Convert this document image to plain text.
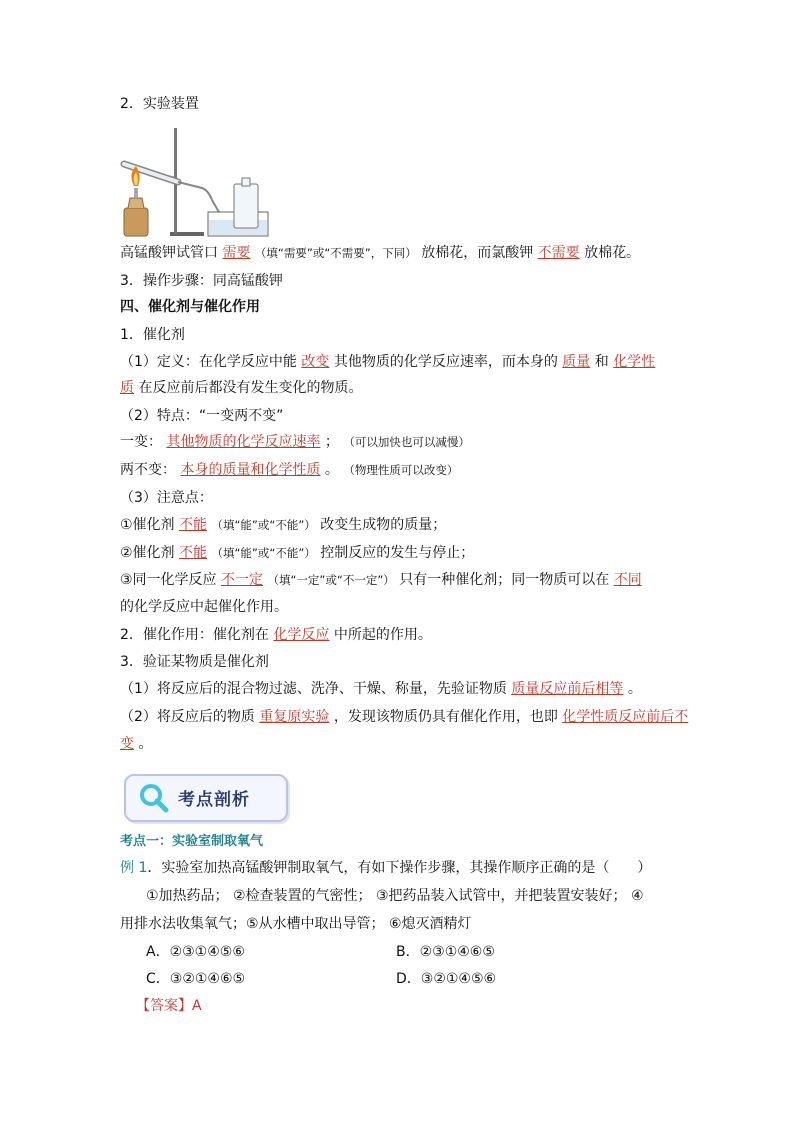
2．实验装置
高锰酸钾试管口 需要 （填“需要”或“不需要”，下同） 放棉花，而氯酸钾 不需要 放棉花。
3．操作步骤：同高锰酸钾
四、催化剂与催化作用
1．催化剂
（1）定义：在化学反应中能 改变 其他物质的化学反应速率，而本身的 质量 和 化学性
质 在反应前后都没有发生变化的物质。
（2）特点：“一变两不变”
一变： 其他物质的化学反应速率 ； （可以加快也可以减慢）
两不变： 本身的质量和化学性质 。 （物理性质可以改变）
（3）注意点：
①催化剂 不能 （填“能”或“不能”） 改变生成物的质量；
②催化剂 不能 （填“能”或“不能”） 控制反应的发生与停止；
③同一化学反应 不一定 （填“一定”或“不一定”） 只有一种催化剂；同一物质可以在 不同
的化学反应中起催化作用。
2．催化作用：催化剂在 化学反应 中所起的作用。
3．验证某物质是催化剂
（1）将反应后的混合物过滤、洗净、干燥、称量，先验证物质 质量反应前后相等 。
（2）将反应后的物质 重复原实验 ，发现该物质仍具有催化作用，也即 化学性质反应前后不
变 。
考点剖析
考点一：实验室制取氧气
例 1．实验室加热高锰酸钾制取氧气，有如下操作步骤，其操作顺序正确的是（　　）
①加热药品； ②检查装置的气密性； ③把药品装入试管中，并把装置安装好； ④
用排水法收集氧气；⑤从水槽中取出导管； ⑥熄灭酒精灯
A．②③①④⑤⑥	B．②③①④⑥⑤
C．③②①④⑥⑤	D．③②①④⑤⑥
【答案】A
